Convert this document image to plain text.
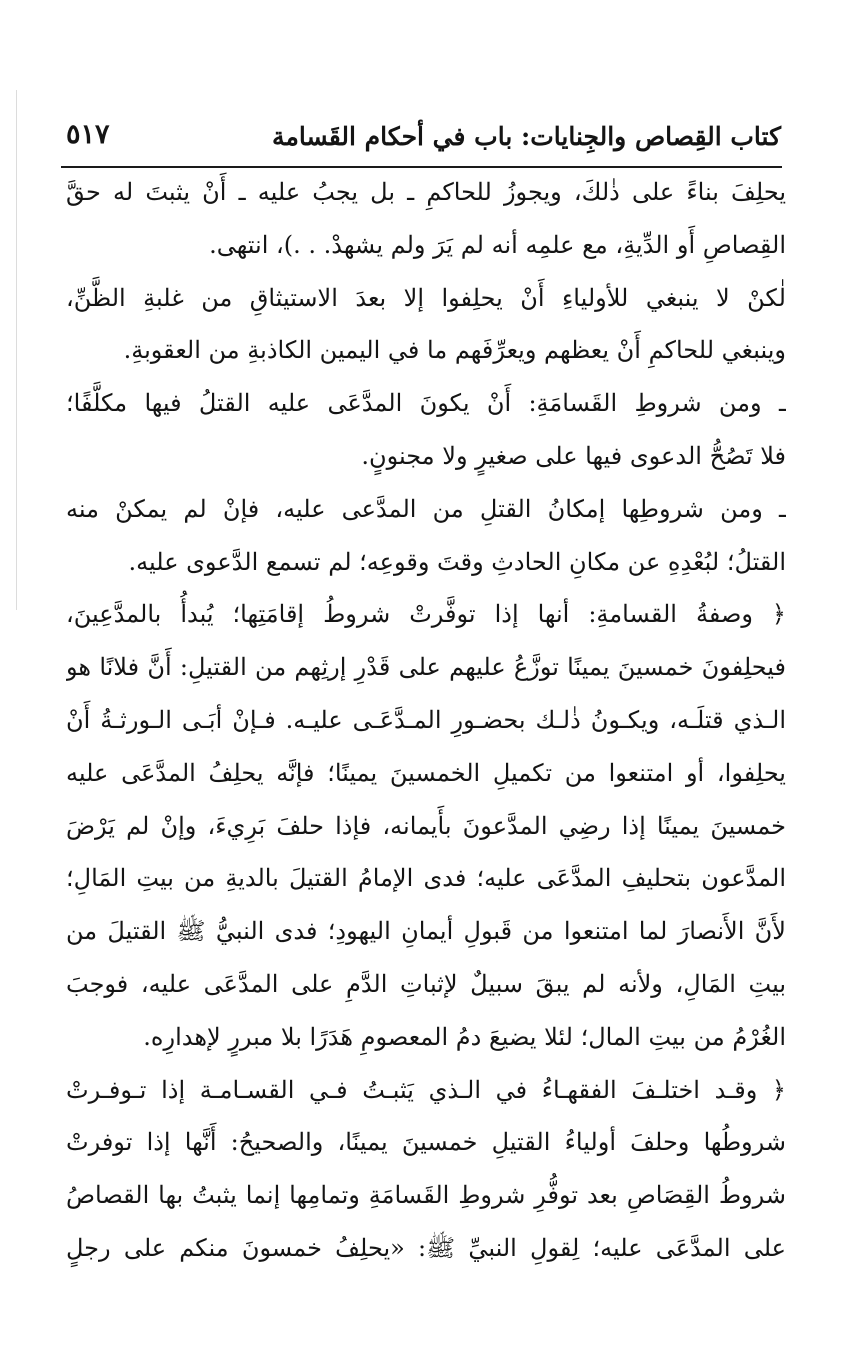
كتاب القِصاص والجِنايات: باب في أحكام القَسامة
٥١٧
يحلِفَ بناءً على ذٰلكَ، ويجوزُ للحاكمِ ـ بل يجبُ عليه ـ أَنْ يثبتَ له حقَّ
القِصاصِ أَو الدِّيةِ، مع علمِه أنه لم يَرَ ولم يشهدْ. . .)، انتهى.
لٰكنْ لا ينبغي للأولياءِ أَنْ يحلِفوا إلا بعدَ الاستيثاقِ من غلبةِ الظَّنِّ،
وينبغي للحاكمِ أَنْ يعظهم ويعرِّفَهم ما في اليمين الكاذبةِ من العقوبةِ.
ـ ومن شروطِ القَسامَةِ: أَنْ يكونَ المدَّعَى عليه القتلُ فيها مكلَّفًا؛
فلا تَصُحُّ الدعوى فيها على صغيرٍ ولا مجنونٍ.
ـ ومن شروطِها إمكانُ القتلِ من المدَّعى عليه، فإنْ لم يمكنْ منه
القتلُ؛ لبُعْدِهِ عن مكانِ الحادثِ وقتَ وقوعِه؛ لم تسمع الدَّعوى عليه.
﴿ وصفةُ القسامةِ: أنها إذا توفَّرتْ شروطُ إقامَتِها؛ يُبدأُ بالمدَّعِينَ،
فيحلِفونَ خمسينَ يمينًا توزَّعُ عليهم على قَدْرِ إرثِهم من القتيلِ: أَنَّ فلانًا هو
الـذي قتلَـه، ويكـونُ ذٰلـك بحضـورِ المـدَّعَـى عليـه. فـإنْ أبَـى الـورثـةُ أَنْ
يحلِفوا، أو امتنعوا من تكميلِ الخمسينَ يمينًا؛ فإنَّه يحلِفُ المدَّعَى عليه
خمسينَ يمينًا إذا رضِي المدَّعونَ بأَيمانه، فإذا حلفَ بَرِيءَ، وإنْ لم يَرْضَ
المدَّعون بتحليفِ المدَّعَى عليه؛ فدى الإمامُ القتيلَ بالديةِ من بيتِ المَالِ؛
لأَنَّ الأَنصارَ لما امتنعوا من قَبولِ أيمانِ اليهودِ؛ فدى النبيُّ ﷺ القتيلَ من
بيتِ المَالِ، ولأنه لم يبقَ سبيلٌ لإثباتِ الدَّمِ على المدَّعَى عليه، فوجبَ
الغُرْمُ من بيتِ المال؛ لئلا يضيعَ دمُ المعصومِ هَدَرًا بلا مبررٍ لإهدارِه.
﴿ وقـد اختلـفَ الفقهـاءُ في الـذي يَثبـتُ فـي القسـامـة إذا تـوفـرتْ
شروطُها وحلفَ أولياءُ القتيلِ خمسينَ يمينًا، والصحيحُ: أَنَّها إذا توفرتْ
شروطُ القِصَاصِ بعد توفُّرِ شروطِ القَسامَةِ وتمامِها إنما يثبتُ بها القصاصُ
على المدَّعَى عليه؛ لِقولِ النبيِّ ﷺ: «يحلِفُ خمسونَ منكم على رجلٍ
